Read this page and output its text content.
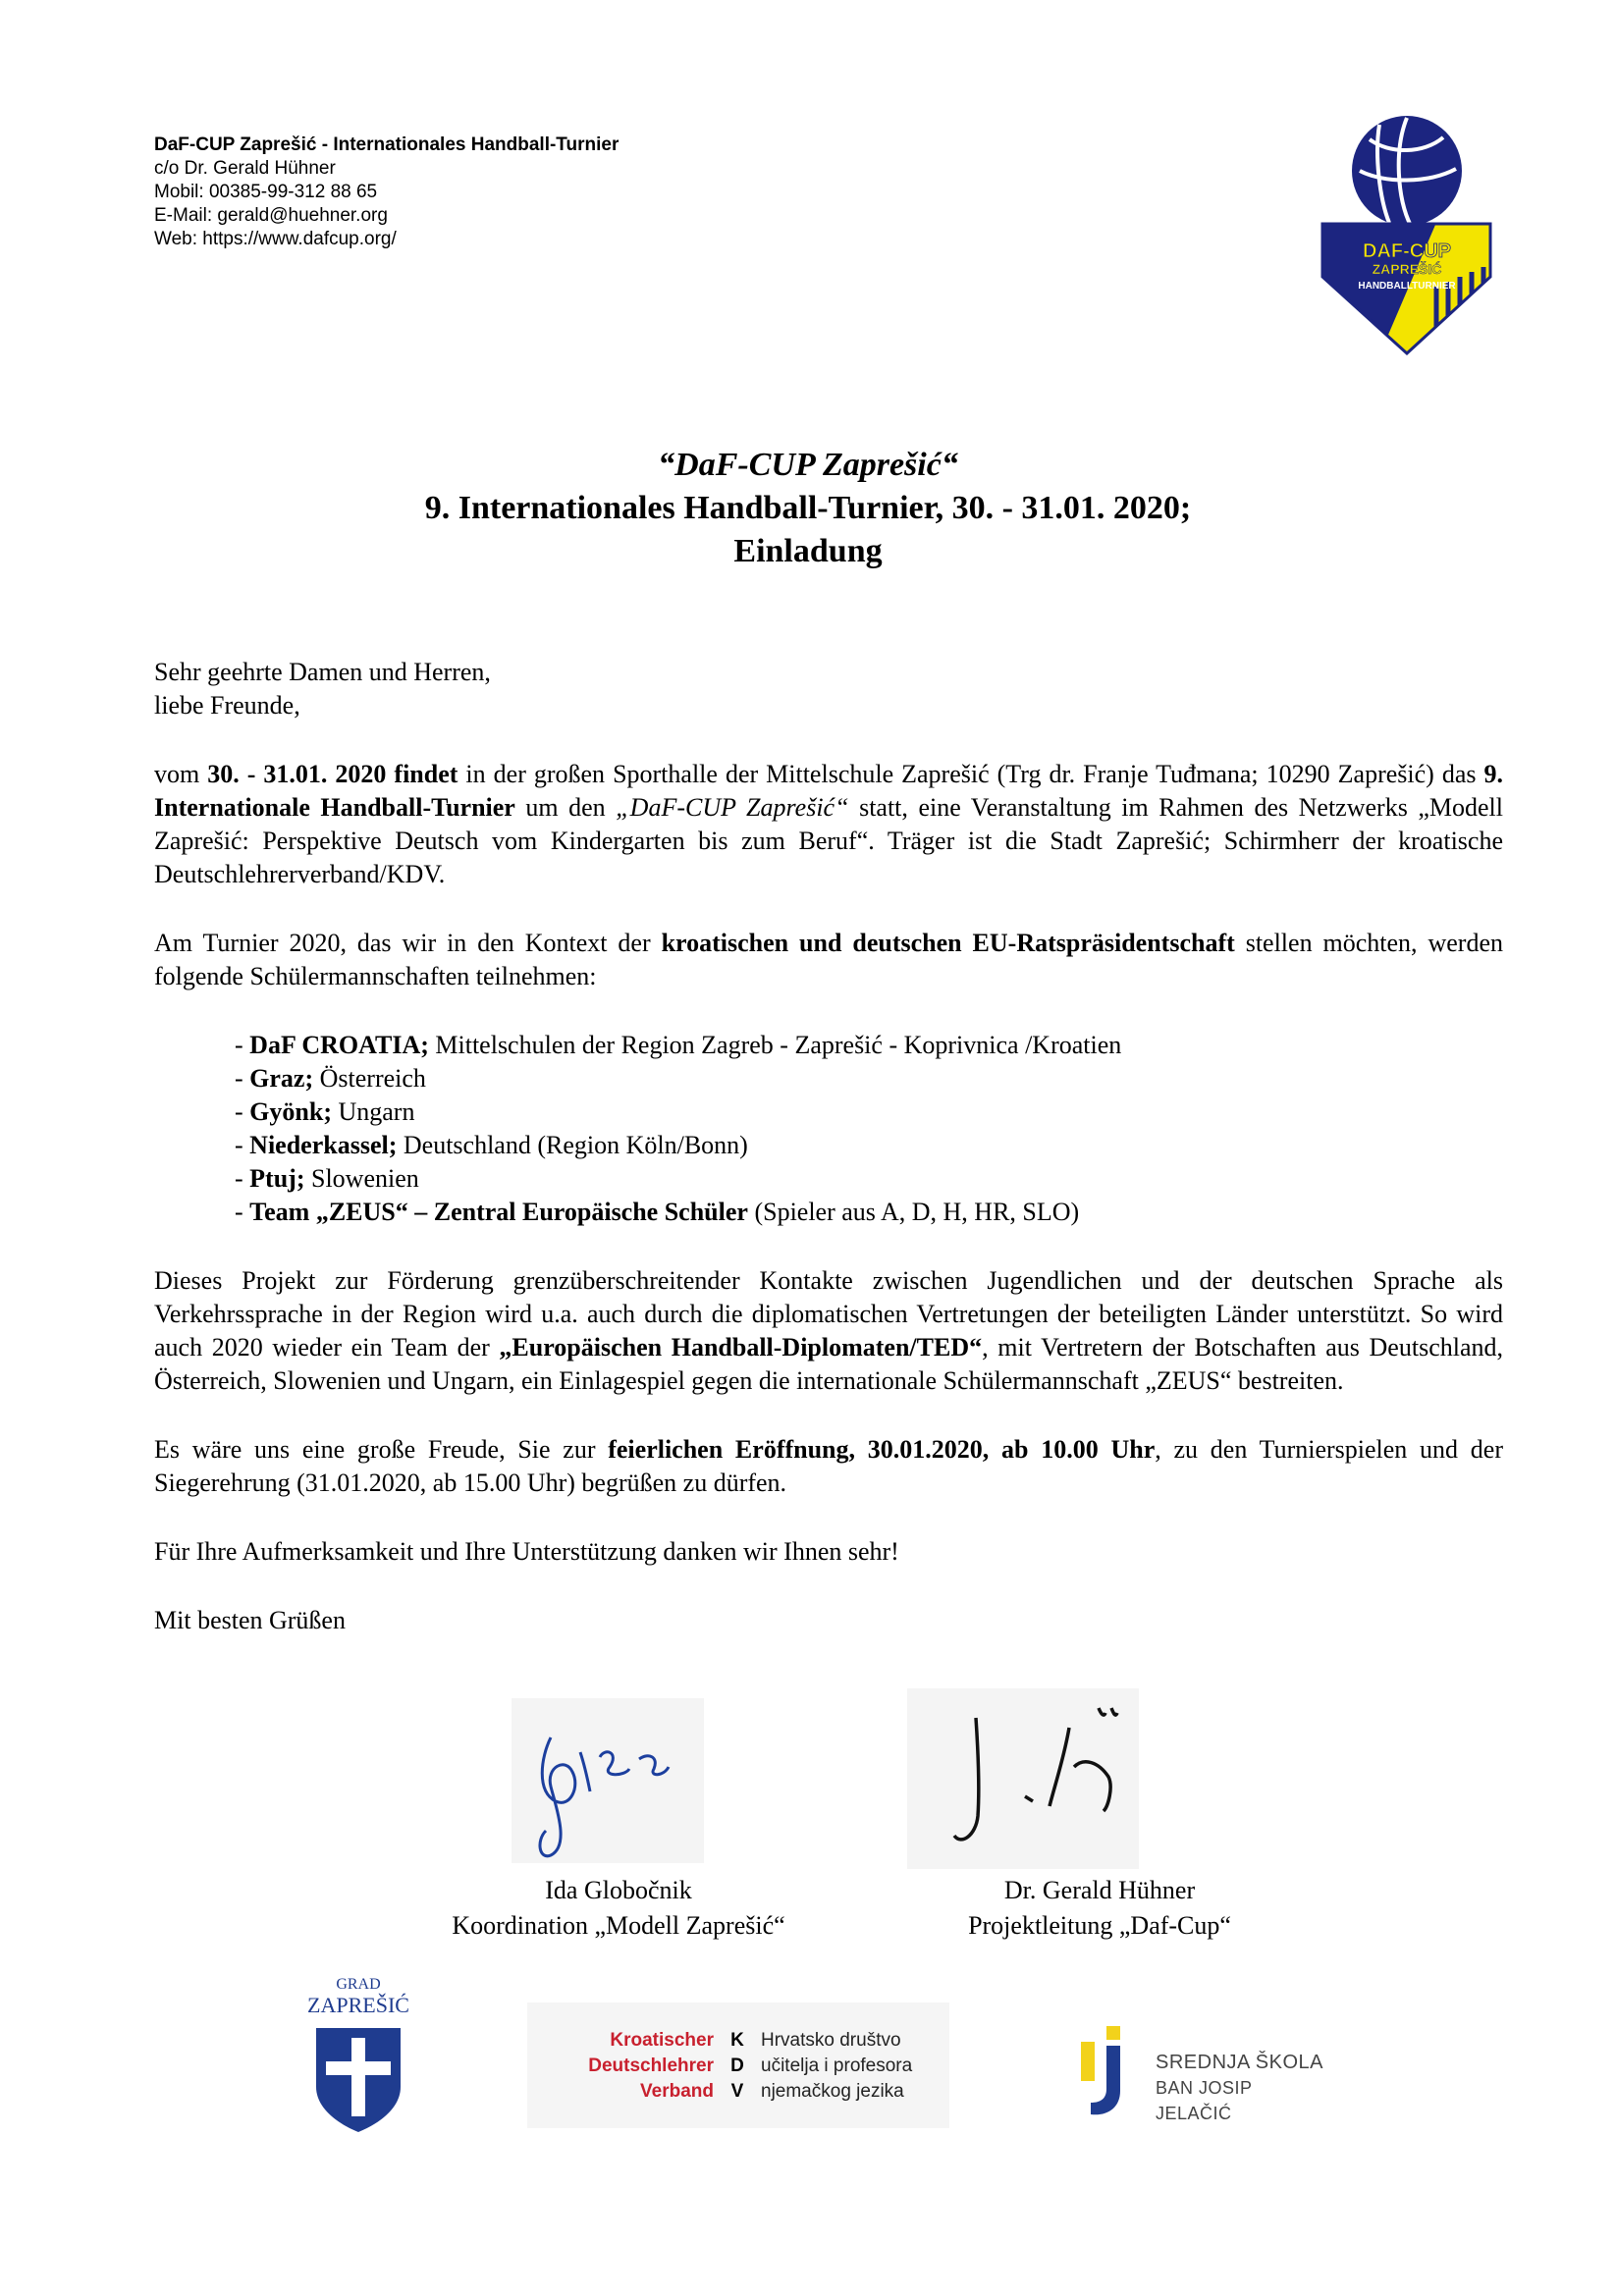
DaF-CUP Zaprešić - Internationales Handball-Turnier
c/o Dr. Gerald Hühner
Mobil: 00385-99-312 88 65
E-Mail: gerald@huehner.org
Web: https://www.dafcup.org/
DAF-CUP
ZAPREŠIĆ
HANDBALLTURNIER
“DaF-CUP Zaprešić“
9. Internationales Handball-Turnier, 30. - 31.01. 2020;
Einladung

Sehr geehrte Damen und Herren,

liebe Freunde,

vom 30. - 31.01. 2020 findet in der großen Sporthalle der Mittelschule Zaprešić (Trg dr. Franje Tuđmana; 10290 Zaprešić) das 9. Internationale Handball-Turnier um den „DaF-CUP Zaprešić“ statt, eine Veranstaltung im Rahmen des Netzwerks „Modell Zaprešić: Perspektive Deutsch vom Kindergarten bis zum Beruf“. Träger ist die Stadt Zaprešić; Schirmherr der kroatische Deutschlehrerverband/KDV.

Am Turnier 2020, das wir in den Kontext der kroatischen und deutschen EU-Ratspräsidentschaft stellen möchten, werden folgende Schülermannschaften teilnehmen:

- DaF CROATIA; Mittelschulen der Region Zagreb - Zaprešić - Koprivnica /Kroatien
- Graz; Österreich
- Gyönk; Ungarn
- Niederkassel; Deutschland (Region Köln/Bonn)
- Ptuj; Slowenien
- Team „ZEUS“ – Zentral Europäische Schüler (Spieler aus A, D, H, HR, SLO)

Dieses Projekt zur Förderung grenzüberschreitender Kontakte zwischen Jugendlichen und der deutschen Sprache als Verkehrssprache in der Region wird u.a. auch durch die diplomatischen Vertretungen der beteiligten Länder unterstützt. So wird auch 2020 wieder ein Team der „Europäischen Handball-Diplomaten/TED“, mit Vertretern der Botschaften aus Deutschland, Österreich, Slowenien und Ungarn, ein Einlagespiel gegen die internationale Schülermannschaft „ZEUS“ bestreiten.

Es wäre uns eine große Freude, Sie zur feierlichen Eröffnung, 30.01.2020, ab 10.00 Uhr, zu den Turnierspielen und der Siegerehrung (31.01.2020, ab 15.00 Uhr) begrüßen zu dürfen.

Für Ihre Aufmerksamkeit und Ihre Unterstützung danken wir Ihnen sehr!

Mit besten Grüßen

Ida Globočnik
Koordination „Modell Zaprešić“
Dr. Gerald Hühner
Projektleitung „Daf-Cup“
GRAD
ZAPREŠIĆ
Kroatischer
Deutschlehrer
Verband
K
D
V
Hrvatsko društvo
učitelja i profesora
njemačkog jezika
SREDNJA ŠKOLA
BAN JOSIP JELAČIĆ
